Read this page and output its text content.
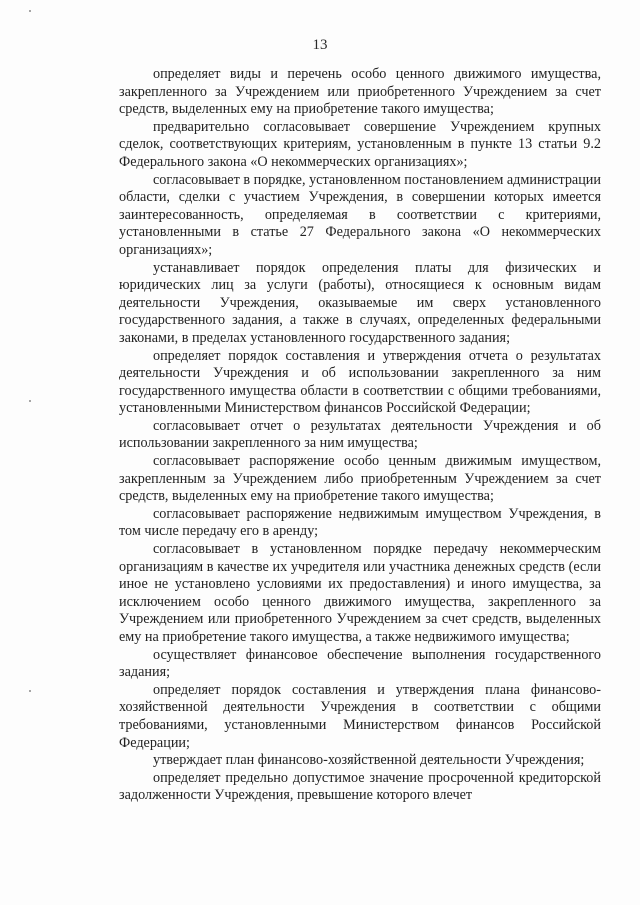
13

определяет виды и перечень особо ценного движимого имущества, закрепленного за Учреждением или приобретенного Учреждением за счет средств, выделенных ему на приобретение такого имущества;

предварительно согласовывает совершение Учреждением крупных сделок, соответствующих критериям, установленным в пункте 13 статьи 9.2 Федерального закона «О некоммерческих организациях»;

согласовывает в порядке, установленном постановлением администрации области, сделки с участием Учреждения, в совершении которых имеется заинтересованность, определяемая в соответствии с критериями, установленными в статье 27 Федерального закона «О некоммерческих организациях»;

устанавливает порядок определения платы для физических и юридических лиц за услуги (работы), относящиеся к основным видам деятельности Учреждения, оказываемые им сверх установленного государственного задания, а также в случаях, определенных федеральными законами, в пределах установленного государственного задания;

определяет порядок составления и утверждения отчета о результатах деятельности Учреждения и об использовании закрепленного за ним государственного имущества области в соответствии с общими требованиями, установленными Министерством финансов Российской Федерации;

согласовывает отчет о результатах деятельности Учреждения и об использовании закрепленного за ним имущества;

согласовывает распоряжение особо ценным движимым имуществом, закрепленным за Учреждением либо приобретенным Учреждением за счет средств, выделенных ему на приобретение такого имущества;

согласовывает распоряжение недвижимым имуществом Учреждения, в том числе передачу его в аренду;

согласовывает в установленном порядке передачу некоммерческим организациям в качестве их учредителя или участника денежных средств (если иное не установлено условиями их предоставления) и иного имущества, за исключением особо ценного движимого имущества, закрепленного за Учреждением или приобретенного Учреждением за счет средств, выделенных ему на приобретение такого имущества, а также недвижимого имущества;

осуществляет финансовое обеспечение выполнения государственного задания;

определяет порядок составления и утверждения плана финансово-хозяйственной деятельности Учреждения в соответствии с общими требованиями, установленными Министерством финансов Российской Федерации;

утверждает план финансово-хозяйственной деятельности Учреждения;

определяет предельно допустимое значение просроченной кредиторской задолженности Учреждения, превышение которого влечет
